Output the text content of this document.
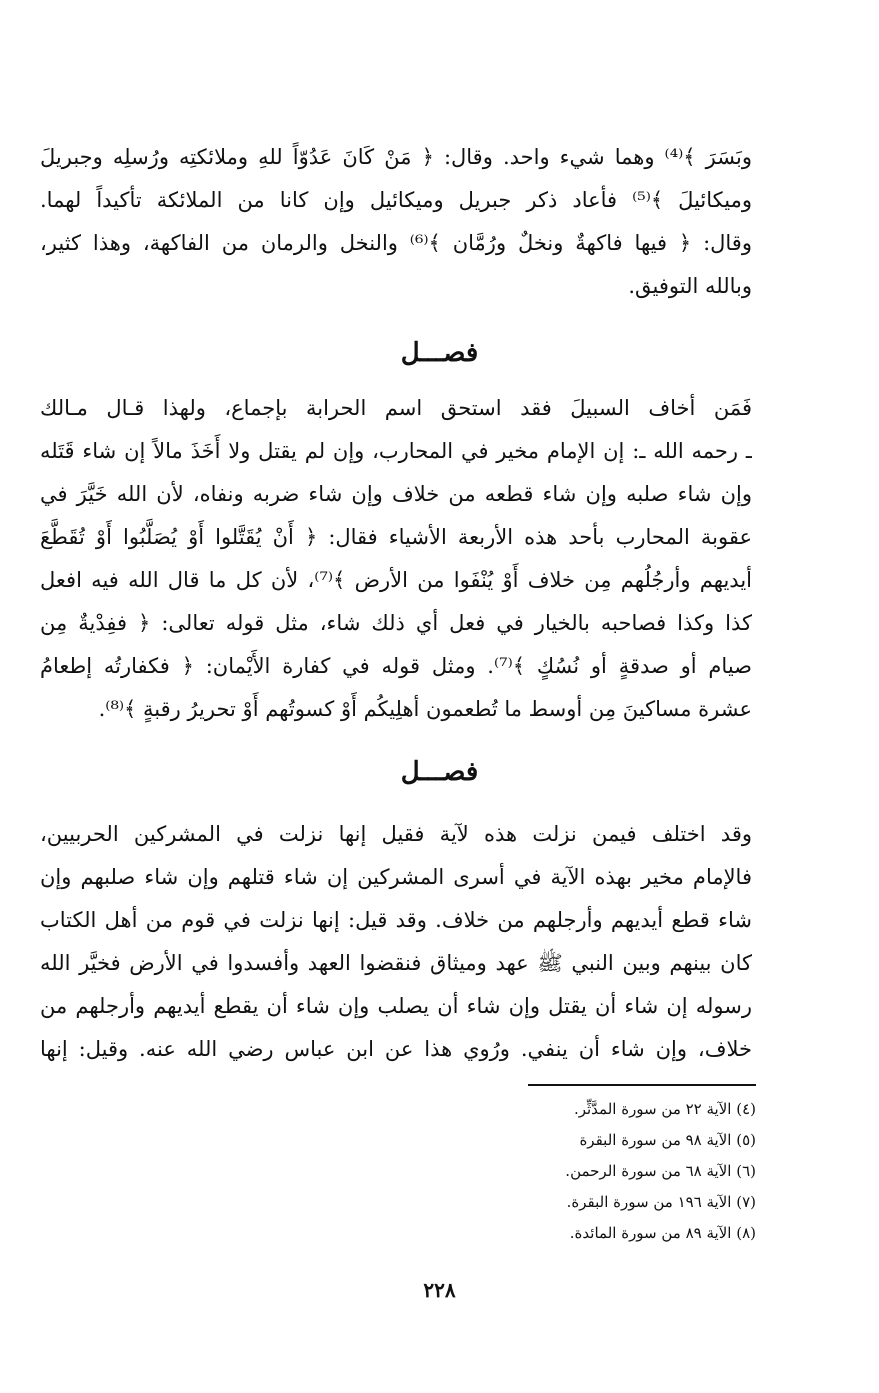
وبَسَرَ ﴾⁽⁴⁾ وهما شيء واحد. وقال: ﴿ مَنْ كَانَ عَدُوّاً للهِ وملائكتِه ورُسلِه وجبريلَ
وميكائيلَ ﴾⁽⁵⁾ فأعاد ذكر جبريل وميكائيل وإن كانا من الملائكة تأكيداً لهما.
وقال: ﴿ فيها فاكهةٌ ونخلٌ ورُمَّان ﴾⁽⁶⁾ والنخل والرمان من الفاكهة، وهذا كثير،
وبالله التوفيق.
فصـــل
فَمَن أخاف السبيلَ فقد استحق اسم الحرابة بإجماع، ولهذا قـال مـالك
ـ رحمه الله ـ: إن الإمام مخير في المحارب، وإن لم يقتل ولا أَخَذَ مالاً إن شاء قَتَله
وإن شاء صلبه وإن شاء قطعه من خلاف وإن شاء ضربه ونفاه، لأن الله خَيَّرَ في
عقوبة المحارب بأحد هذه الأربعة الأشياء فقال: ﴿ أَنْ يُقَتَّلوا أَوْ يُصَلَّبُوا أَوْ تُقَطَّعَ
أيديهم وأرجُلُهم مِن خلاف أَوْ يُنْفَوا من الأرض ﴾⁽⁷⁾، لأن كل ما قال الله فيه افعل
كذا وكذا فصاحبه بالخيار في فعل أي ذلك شاء، مثل قوله تعالى: ﴿ ففِدْيةٌ مِن
صيام أو صدقةٍ أو نُسُكٍ ﴾⁽⁷⁾. ومثل قوله في كفارة الأَيْمان: ﴿ فكفارتُه إطعامُ
عشرة مساكينَ مِن أوسط ما تُطعمون أهلِيكُم أَوْ كسوتُهم أَوْ تحريرُ رقبةٍ ﴾⁽⁸⁾.
فصـــل
وقد اختلف فيمن نزلت هذه لآية فقيل إنها نزلت في المشركين الحربيين،
فالإمام مخير بهذه الآية في أسرى المشركين إن شاء قتلهم وإن شاء صلبهم وإن
شاء قطع أيديهم وأرجلهم من خلاف. وقد قيل: إنها نزلت في قوم من أهل الكتاب
كان بينهم وبين النبي ﷺ عهد وميثاق فنقضوا العهد وأفسدوا في الأرض فخيَّر الله
رسوله إن شاء أن يقتل وإن شاء أن يصلب وإن شاء أن يقطع أيديهم وأرجلهم من
خلاف، وإن شاء أن ينفي. ورُوي هذا عن ابن عباس رضي الله عنه. وقيل: إنها
(٤) الآية ٢٢ من سورة المدَّثِّر.
(٥) الآية ٩٨ من سورة البقرة
(٦) الآية ٦٨ من سورة الرحمن.
(٧) الآية ١٩٦ من سورة البقرة.
(٨) الآية ٨٩ من سورة المائدة.
٢٢٨
